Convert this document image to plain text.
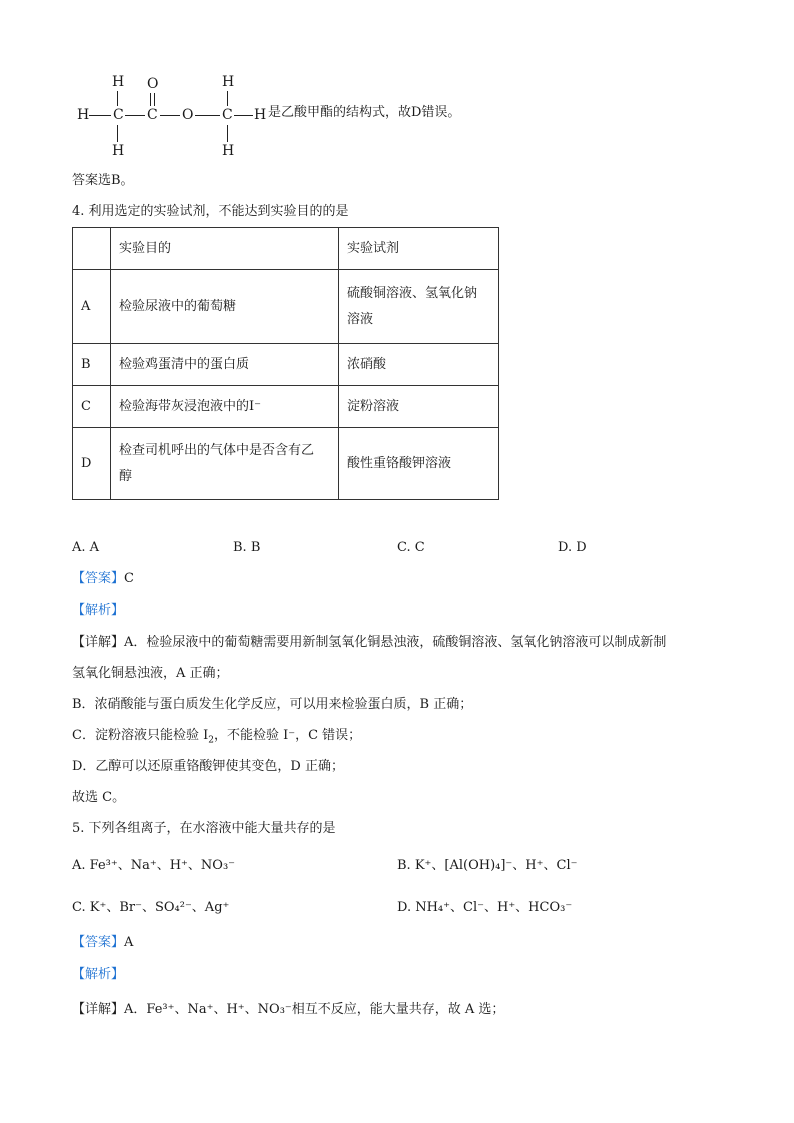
H
H C C
O
O C
H
H
H	H
是乙酸甲酯的结构式，故D错误。
答案选B。
4. 利用选定的实验试剂，不能达到实验目的的是
	实验目的	实验试剂
A	检验尿液中的葡萄糖	硫酸铜溶液、氢氧化钠
溶液

B	检验鸡蛋清中的蛋白质	浓硝酸
C	检验海带灰浸泡液中的I⁻	淀粉溶液
D	检查司机呼出的气体中是否含有乙
醇	酸性重铬酸钾溶液
A. A	B. B	C. C	D. D
【答案】C
【解析】
【详解】A．检验尿液中的葡萄糖需要用新制氢氧化铜悬浊液，硫酸铜溶液、氢氧化钠溶液可以制成新制
氢氧化铜悬浊液，A 正确；
B．浓硝酸能与蛋白质发生化学反应，可以用来检验蛋白质，B 正确；
C．淀粉溶液只能检验 $I_2$，不能检验 I⁻，C 错误；
D．乙醇可以还原重铬酸钾使其变色，D 正确；
故选 C。
5. 下列各组离子，在水溶液中能大量共存的是
A. Fe³⁺、Na⁺、H⁺、NO₃⁻	B. K⁺、[Al(OH)₄]⁻、H⁺、Cl⁻
C. K⁺、Br⁻、SO₄²⁻、Ag⁺	D. NH₄⁺、Cl⁻、H⁺、HCO₃⁻
【答案】A
【解析】
【详解】A．Fe³⁺、Na⁺、H⁺、NO₃⁻相互不反应，能大量共存，故 A 选；
